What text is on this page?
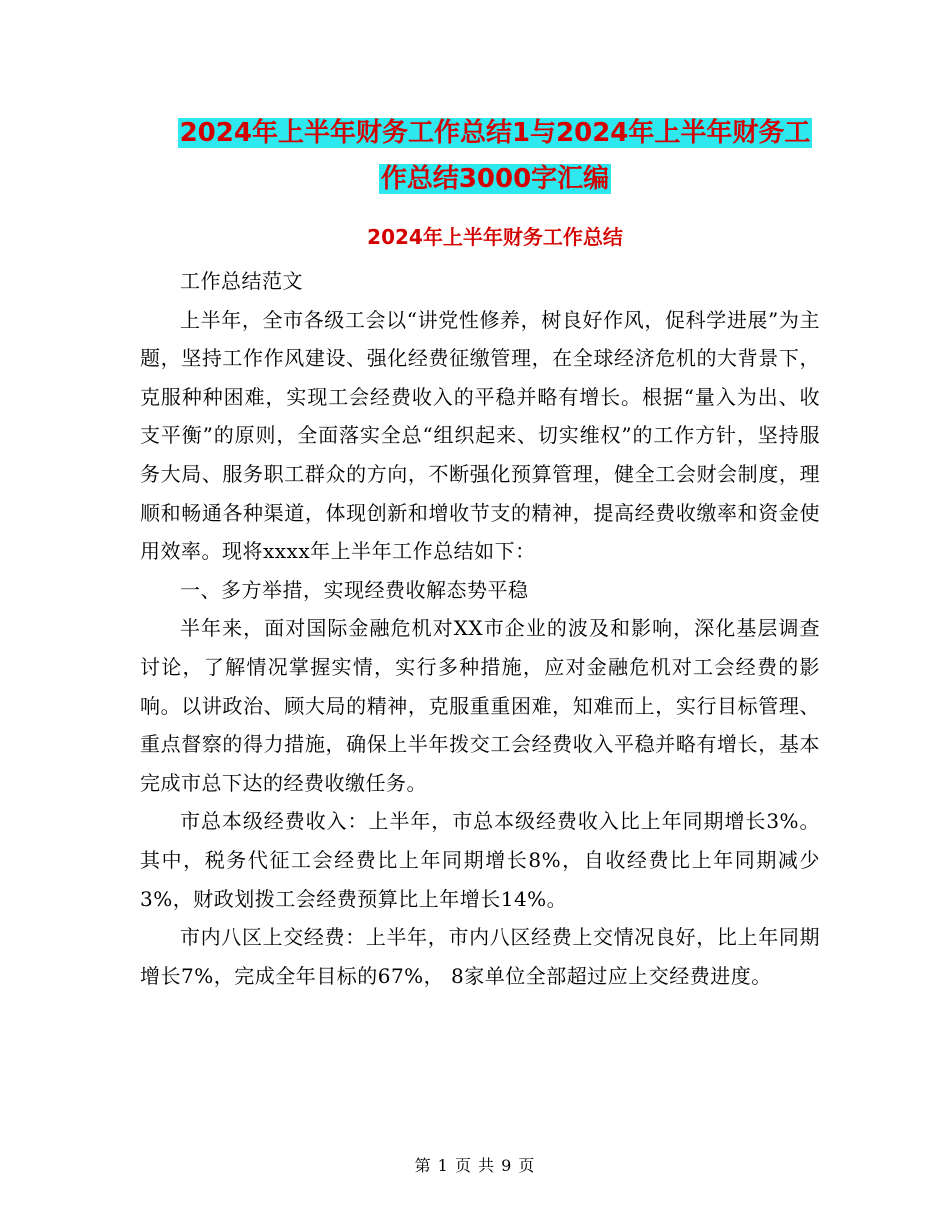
2024年上半年财务工作总结1与2024年上半年财务工
作总结3000字汇编
2024年上半年财务工作总结

工作总结范文

上半年，全市各级工会以“讲党性修养，树良好作风，促科学进展”为主题，坚持工作作风建设、强化经费征缴管理，在全球经济危机的大背景下，克服种种困难，实现工会经费收入的平稳并略有增长。根据“量入为出、收支平衡”的原则，全面落实全总“组织起来、切实维权”的工作方针，坚持服务大局、服务职工群众的方向，不断强化预算管理，健全工会财会制度，理顺和畅通各种渠道，体现创新和增收节支的精神，提高经费收缴率和资金使用效率。现将xxxx年上半年工作总结如下：

一、多方举措，实现经费收解态势平稳

半年来，面对国际金融危机对XX市企业的波及和影响，深化基层调查讨论，了解情况掌握实情，实行多种措施，应对金融危机对工会经费的影响。以讲政治、顾大局的精神，克服重重困难，知难而上，实行目标管理、重点督察的得力措施，确保上半年拨交工会经费收入平稳并略有增长，基本完成市总下达的经费收缴任务。

市总本级经费收入：上半年，市总本级经费收入比上年同期增长3%。其中，税务代征工会经费比上年同期增长8%，自收经费比上年同期减少3%，财政划拨工会经费预算比上年增长14%。

市内八区上交经费：上半年，市内八区经费上交情况良好，比上年同期增长7%，完成全年目标的67%， 8家单位全部超过应上交经费进度。

第 1 页 共 9 页
